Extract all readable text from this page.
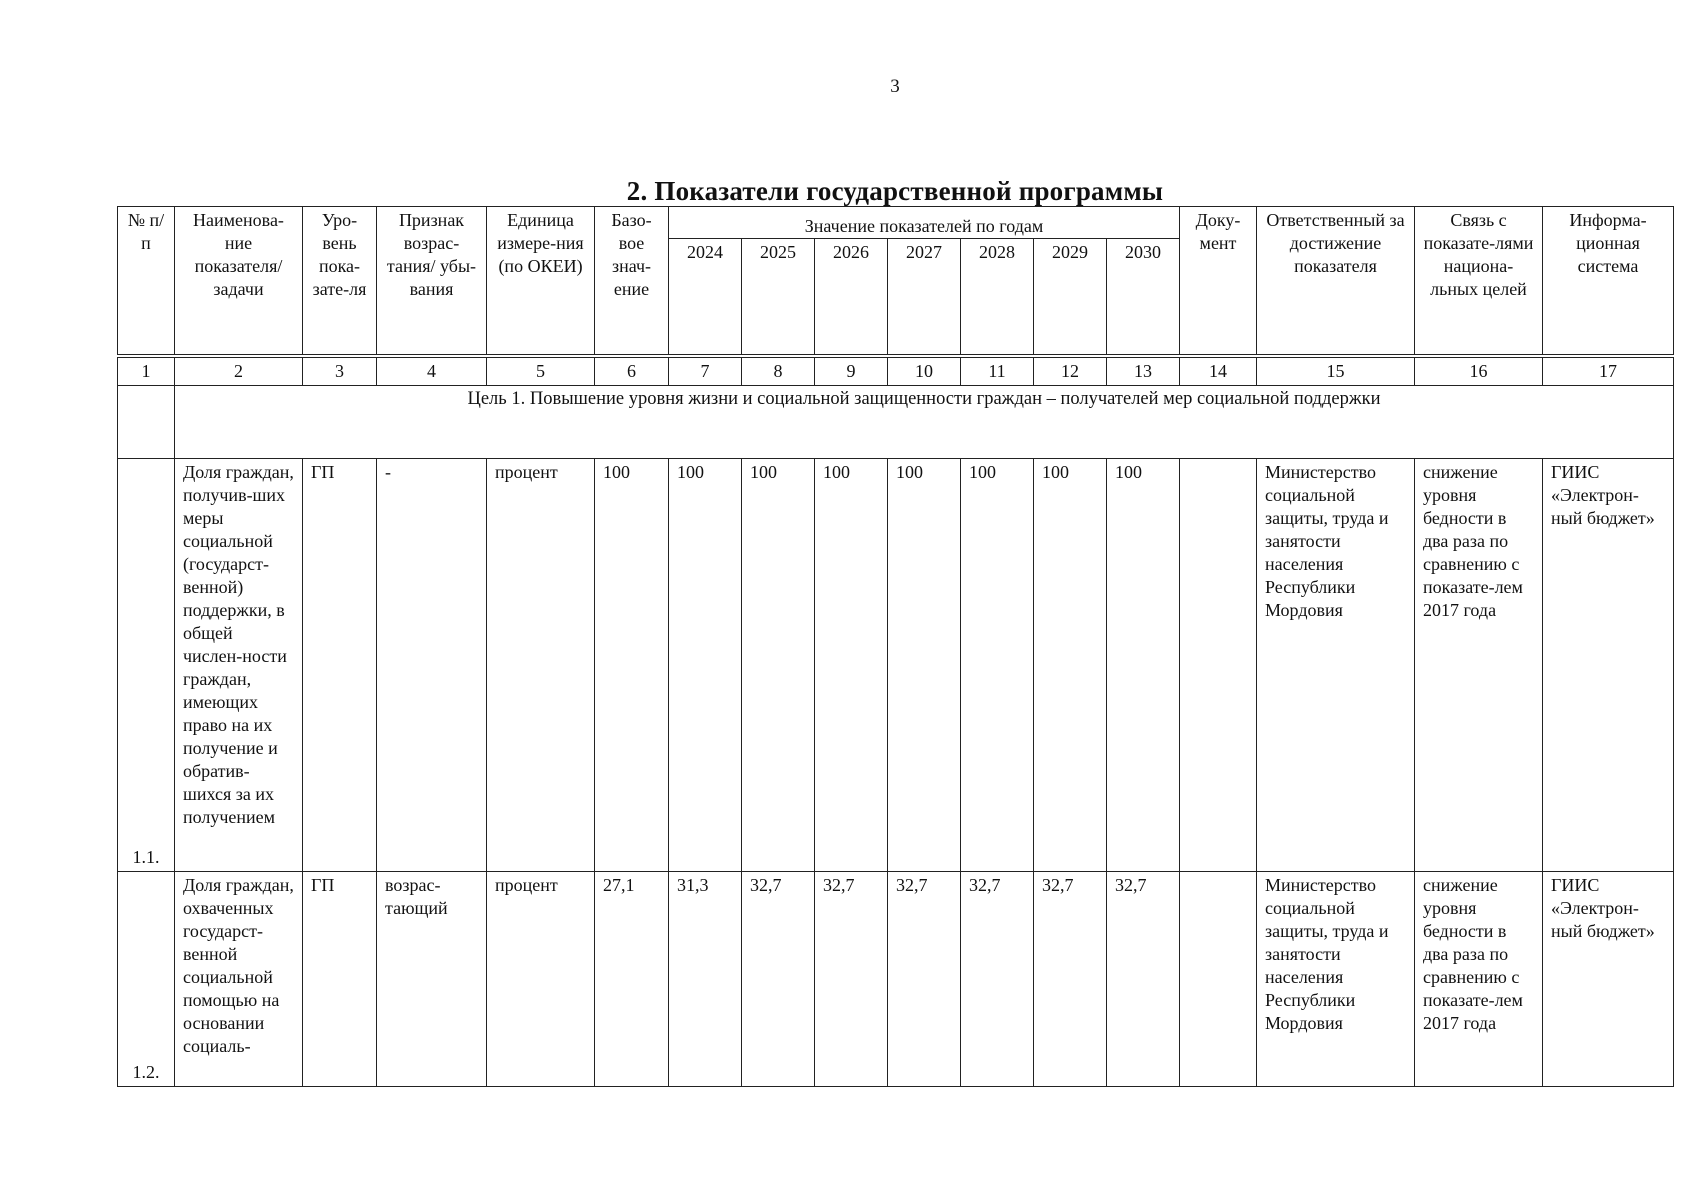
3
2. Показатели государственной программы
№ п/п	Наименова-ние показателя/ задачи	Уро-вень пока-зате-ля	Признак возрас-тания/ убы-вания	Единица измере-ния (по ОКЕИ)	Базо-вое знач-ение	Значение показателей по годам							Доку-мент	Ответственный за достижение показателя	Связь с показате-лями национа-льных целей	Информа-ционная система
						2024	2025	2026	2027	2028	2029	2030				

1	2	3	4	5	6	7	8	9	10	11	12	13	14	15	16	17
	Цель 1. Повышение уровня жизни и социальной защищенности граждан – получателей мер социальной поддержки															
1.1.	Доля граждан, получив-ших меры социальной (государст-венной) поддержки, в общей числен-ности граждан, имеющих право на их получение и обратив-шихся за их получением	ГП	-	процент	100	100	100	100	100	100	100	100		Министерство социальной защиты, труда и занятости населения Республики Мордовия	снижение уровня бедности в два раза по сравнению с показате-лем 2017 года	ГИИС «Электрон-ный бюджет»
1.2.	Доля граждан, охваченных государст-венной социальной помощью на основании социаль-	ГП	возрас-тающий	процент	27,1	31,3	32,7	32,7	32,7	32,7	32,7	32,7		Министерство социальной защиты, труда и занятости населения Республики Мордовия	снижение уровня бедности в два раза по сравнению с показате-лем 2017 года	ГИИС «Электрон-ный бюджет»
